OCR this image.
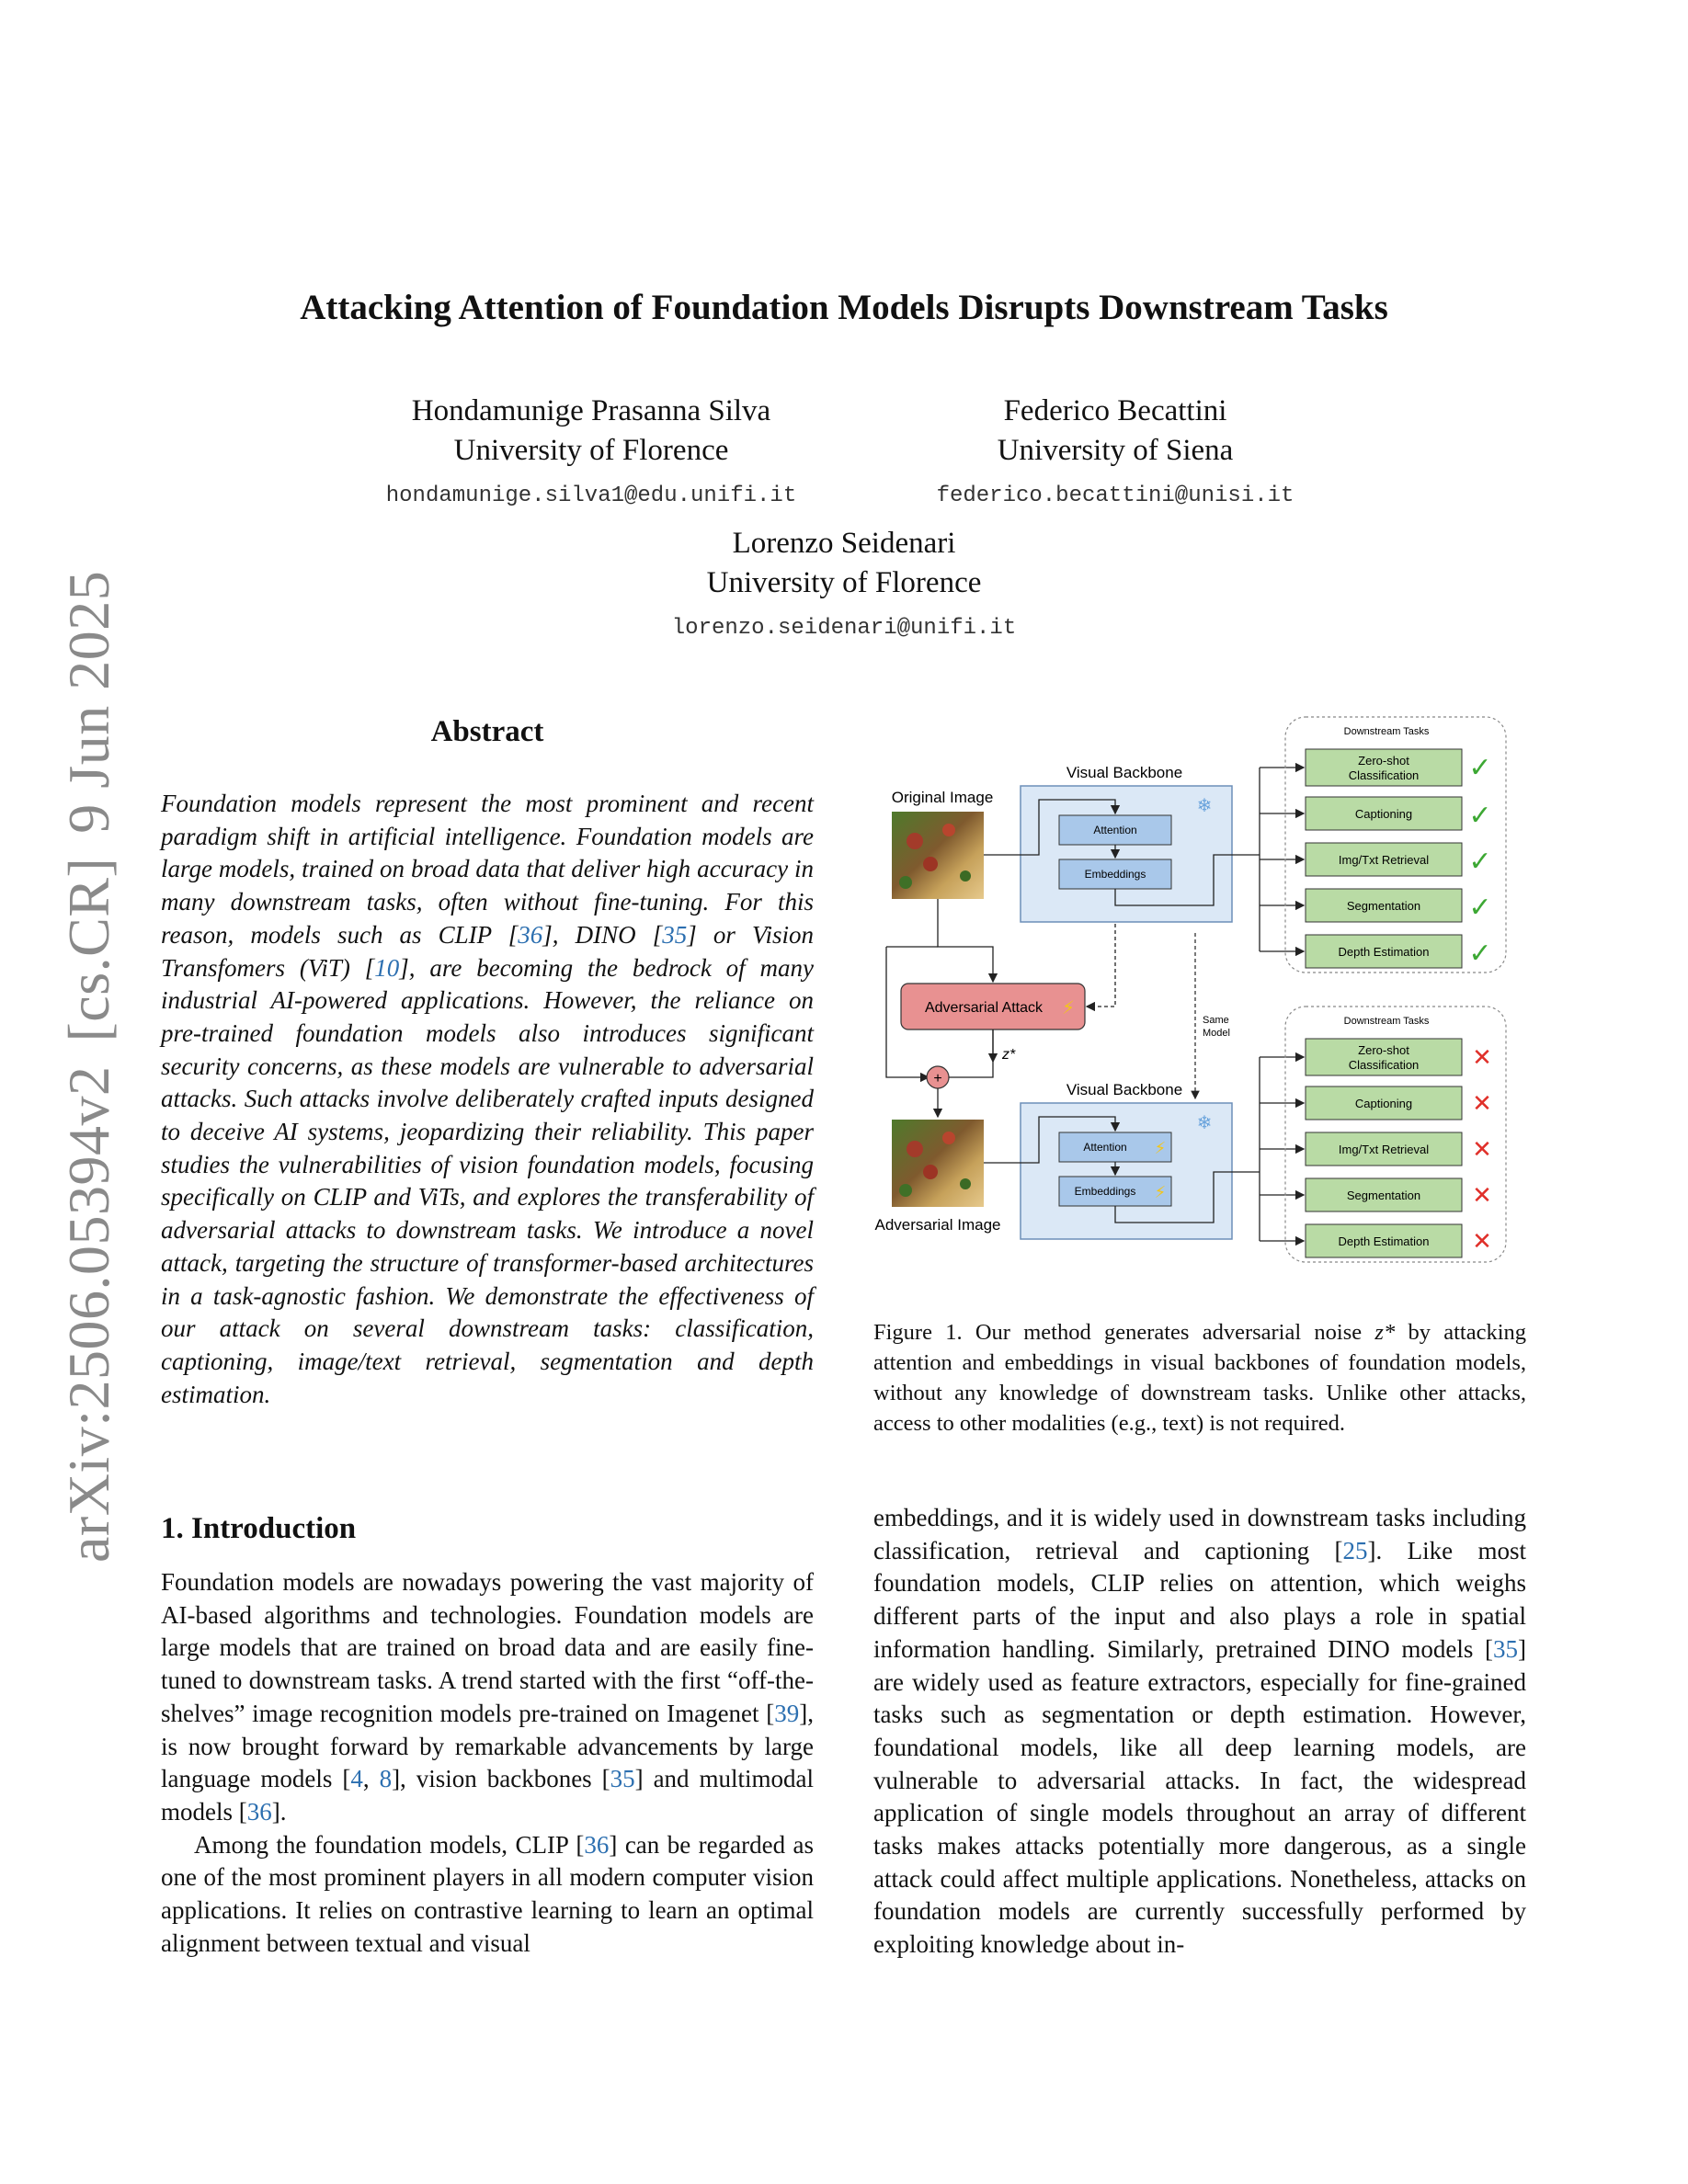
arXiv:2506.05394v2[cs.CR]9 Jun 2025
Attacking Attention of Foundation Models Disrupts Downstream Tasks
Hondamunige Prasanna Silva
University of Florence
hondamunige.silva1@edu.unifi.it
Federico Becattini
University of Siena
federico.becattini@unisi.it
Lorenzo Seidenari
University of Florence
lorenzo.seidenari@unifi.it
Abstract
Foundation models represent the most prominent and recent paradigm shift in artificial intelligence. Foundation models are large models, trained on broad data that deliver high accuracy in many downstream tasks, often without fine-tuning. For this reason, models such as CLIP [36], DINO [35] or Vision Transfomers (ViT) [10], are becoming the bedrock of many industrial AI-powered applications. However, the reliance on pre-trained foundation models also introduces significant security concerns, as these models are vulnerable to adversarial attacks. Such attacks involve deliberately crafted inputs designed to deceive AI systems, jeopardizing their reliability. This paper studies the vulnerabilities of vision foundation models, focusing specifically on CLIP and ViTs, and explores the transferability of adversarial attacks to downstream tasks. We introduce a novel attack, targeting the structure of transformer-based architectures in a task-agnostic fashion. We demonstrate the effectiveness of our attack on several downstream tasks: classification, captioning, image/text retrieval, segmentation and depth estimation.
Original Image
Visual Backbone
❄
Attention
Embeddings
Downstream Tasks
Zero-shot
Classification
Captioning
Img/Txt Retrieval
Segmentation
Depth Estimation
✓
✓
✓
✓
✓
Adversarial Attack ⚡
z*
+
Same
Model
Adversarial Image
Visual Backbone
❄
Attention ⚡
Embeddings ⚡
Downstream Tasks
Zero-shot
Classification
Captioning
Img/Txt Retrieval
Segmentation
Depth Estimation
✕
✕
✕
✕
✕
Figure 1. Our method generates adversarial noise z* by attacking attention and embeddings in visual backbones of foundation models, without any knowledge of downstream tasks. Unlike other attacks, access to other modalities (e.g., text) is not required.
1. Introduction

Foundation models are nowadays powering the vast majority of AI-based algorithms and technologies. Foundation models are large models that are trained on broad data and are easily fine-tuned to downstream tasks. A trend started with the first “off-the-shelves” image recognition models pre-trained on Imagenet [39], is now brought forward by remarkable advancements by large language models [4, 8], vision backbones [35] and multimodal models [36].

Among the foundation models, CLIP [36] can be regarded as one of the most prominent players in all modern computer vision applications. It relies on contrastive learning to learn an optimal alignment between textual and visual

embeddings, and it is widely used in downstream tasks including classification, retrieval and captioning [25]. Like most foundation models, CLIP relies on attention, which weighs different parts of the input and also plays a role in spatial information handling. Similarly, pretrained DINO models [35] are widely used as feature extractors, especially for fine-grained tasks such as segmentation or depth estimation. However, foundational models, like all deep learning models, are vulnerable to adversarial attacks. In fact, the widespread application of single models throughout an array of different tasks makes attacks potentially more dangerous, as a single attack could affect multiple applications. Nonetheless, attacks on foundation models are currently successfully performed by exploiting knowledge about in-
